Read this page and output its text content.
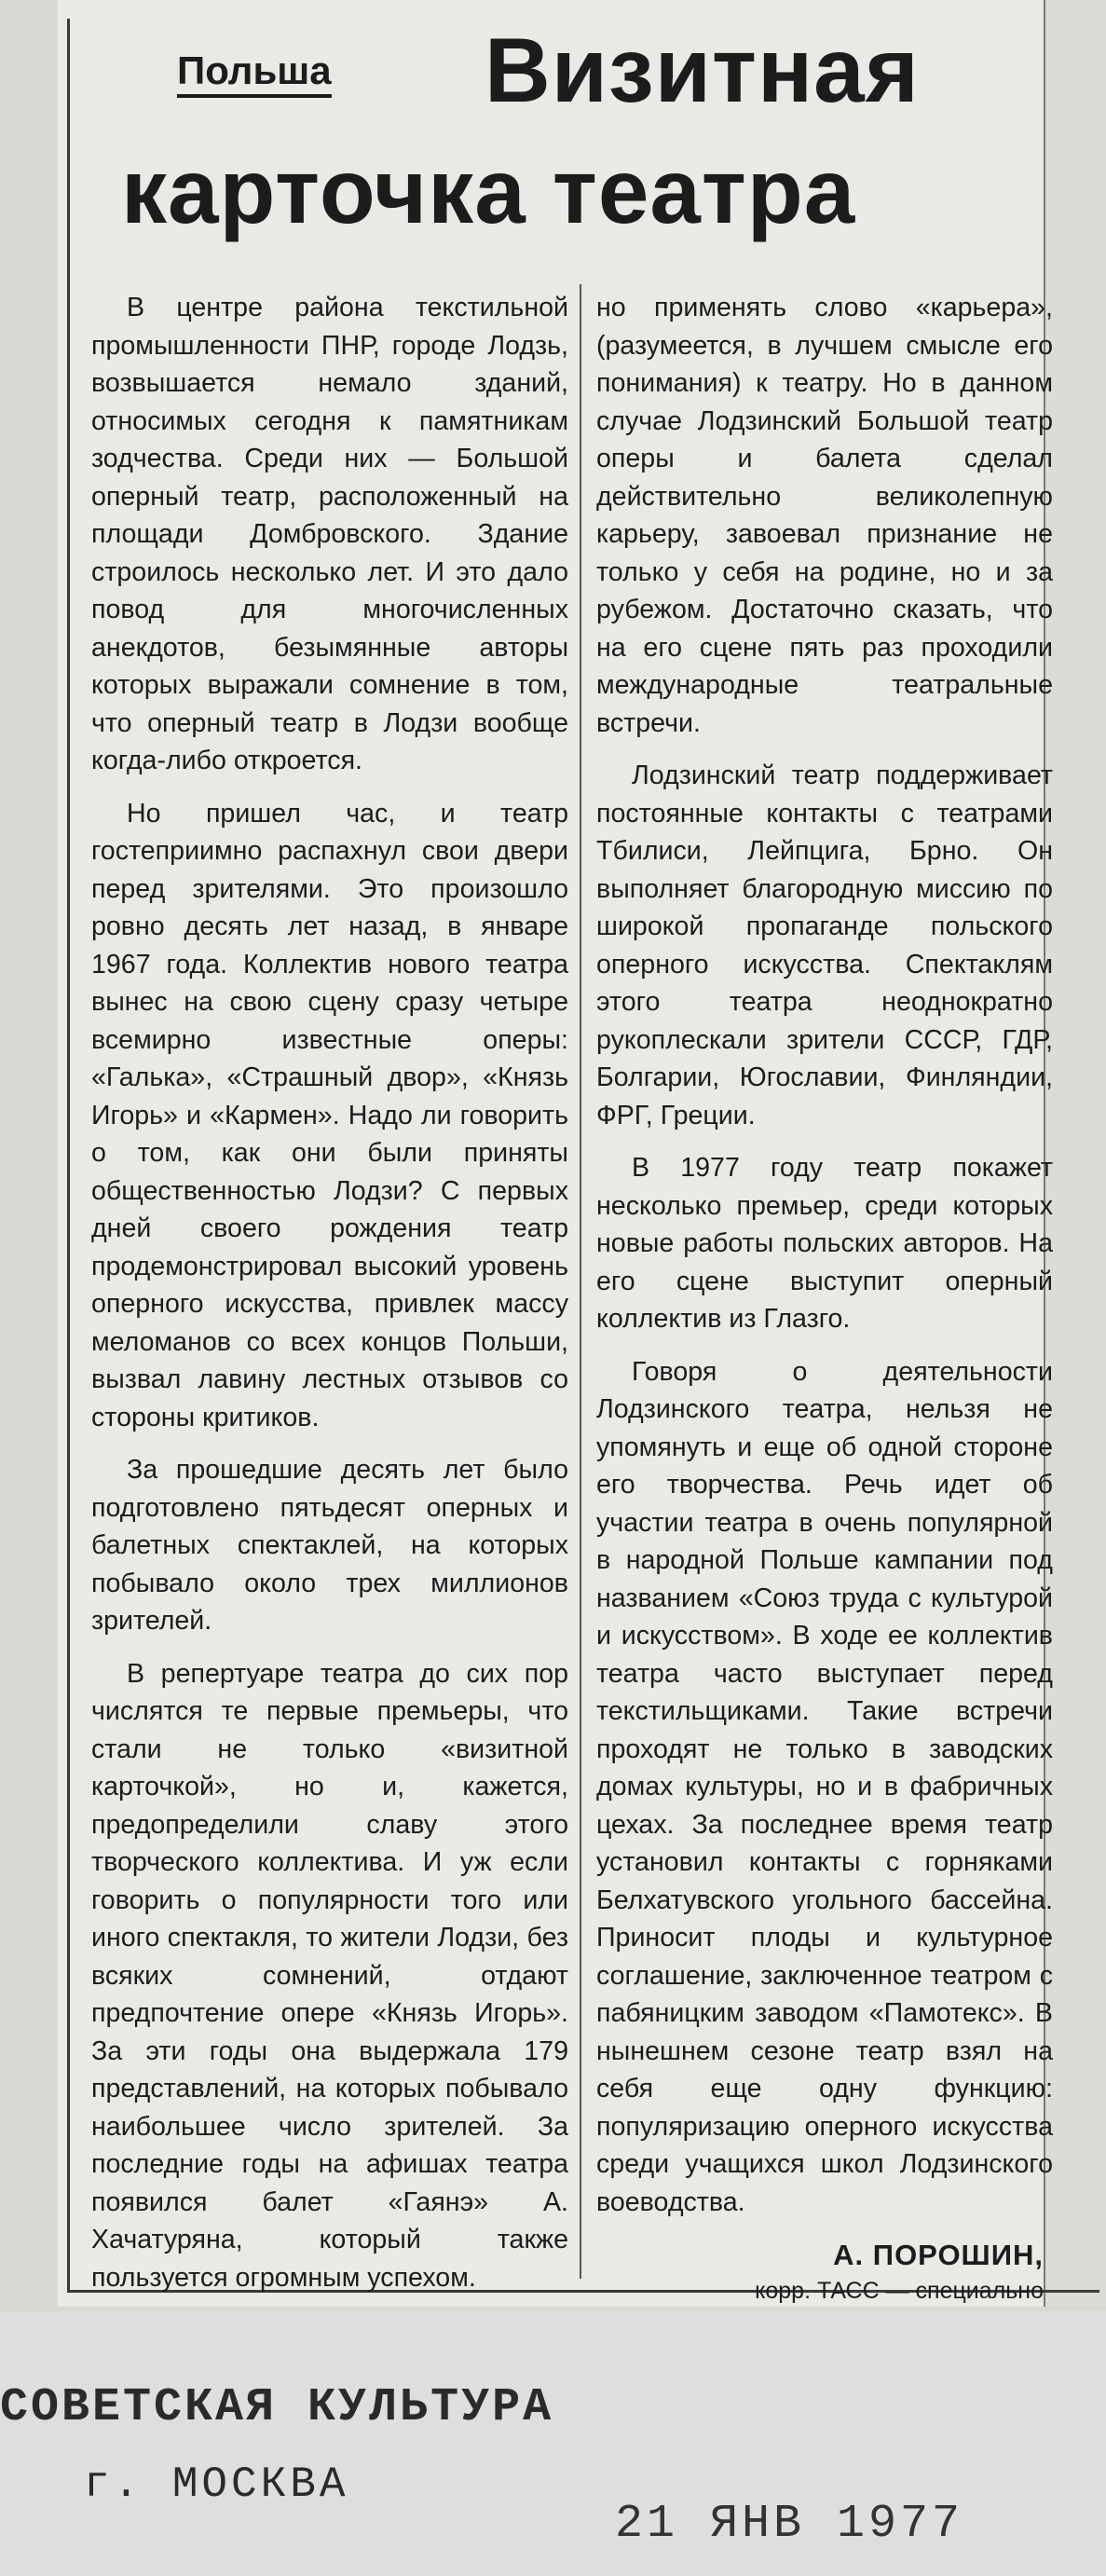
Польша Визитная
карточка театра

В центре района текстильной промышленности ПНР, городе Лодзь, возвышается немало зданий, относимых сегодня к памятникам зодчества. Среди них — Большой оперный театр, расположенный на площади Домбровского. Здание строилось несколько лет. И это дало повод для многочисленных анекдотов, безымянные авторы которых выражали сомнение в том, что оперный театр в Лодзи вообще когда-либо откроется.

Но пришел час, и театр гостеприимно распахнул свои двери перед зрителями. Это произошло ровно десять лет назад, в январе 1967 года. Коллектив нового театра вынес на свою сцену сразу четыре всемирно известные оперы: «Галька», «Страшный двор», «Князь Игорь» и «Кармен». Надо ли говорить о том, как они были приняты общественностью Лодзи? С первых дней своего рождения театр продемонстрировал высокий уровень оперного искусства, привлек массу меломанов со всех концов Польши, вызвал лавину лестных отзывов со стороны критиков.

За прошедшие десять лет было подготовлено пятьдесят оперных и балетных спектаклей, на которых побывало около трех миллионов зрителей.

В репертуаре театра до сих пор числятся те первые премьеры, что стали не только «визитной карточкой», но и, кажется, предопределили славу этого творческого коллектива. И уж если говорить о популярности того или иного спектакля, то жители Лодзи, без всяких сомнений, отдают предпочтение опере «Князь Игорь». За эти годы она выдержала 179 представлений, на которых побывало наибольшее число зрителей. За последние годы на афишах театра появился балет «Гаянэ» А. Хачатуряна, который также пользуется огромным успехом.

но применять слово «карьера», (разумеется, в лучшем смысле его понимания) к театру. Но в данном случае Лодзинский Большой театр оперы и балета сделал действительно великолепную карьеру, завоевал признание не только у себя на родине, но и за рубежом. Достаточно сказать, что на его сцене пять раз проходили международные театральные встречи.

Лодзинский театр поддерживает постоянные контакты с театрами Тбилиси, Лейпцига, Брно. Он выполняет благородную миссию по широкой пропаганде польского оперного искусства. Спектаклям этого театра неоднократно рукоплескали зрители СССР, ГДР, Болгарии, Югославии, Финляндии, ФРГ, Греции.

В 1977 году театр покажет несколько премьер, среди которых новые работы польских авторов. На его сцене выступит оперный коллектив из Глазго.

Говоря о деятельности Лодзинского театра, нельзя не упомянуть и еще об одной стороне его творчества. Речь идет об участии театра в очень популярной в народной Польше кампании под названием «Союз труда с культурой и искусством». В ходе ее коллектив театра часто выступает перед текстильщиками. Такие встречи проходят не только в заводских домах культуры, но и в фабричных цехах. За последнее время театр установил контакты с горняками Белхатувского угольного бассейна. Приносит плоды и культурное соглашение, заключенное театром с пабяницким заводом «Памотекс». В нынешнем сезоне театр взял на себя еще одну функцию: популяризацию оперного искусства среди учащихся школ Лодзинского воеводства.

А. ПОРОШИН,
корр. ТАСС — специально
СОВЕТСКАЯ КУЛЬТУРА
г. МОСКВА
21 ЯНВ 1977
